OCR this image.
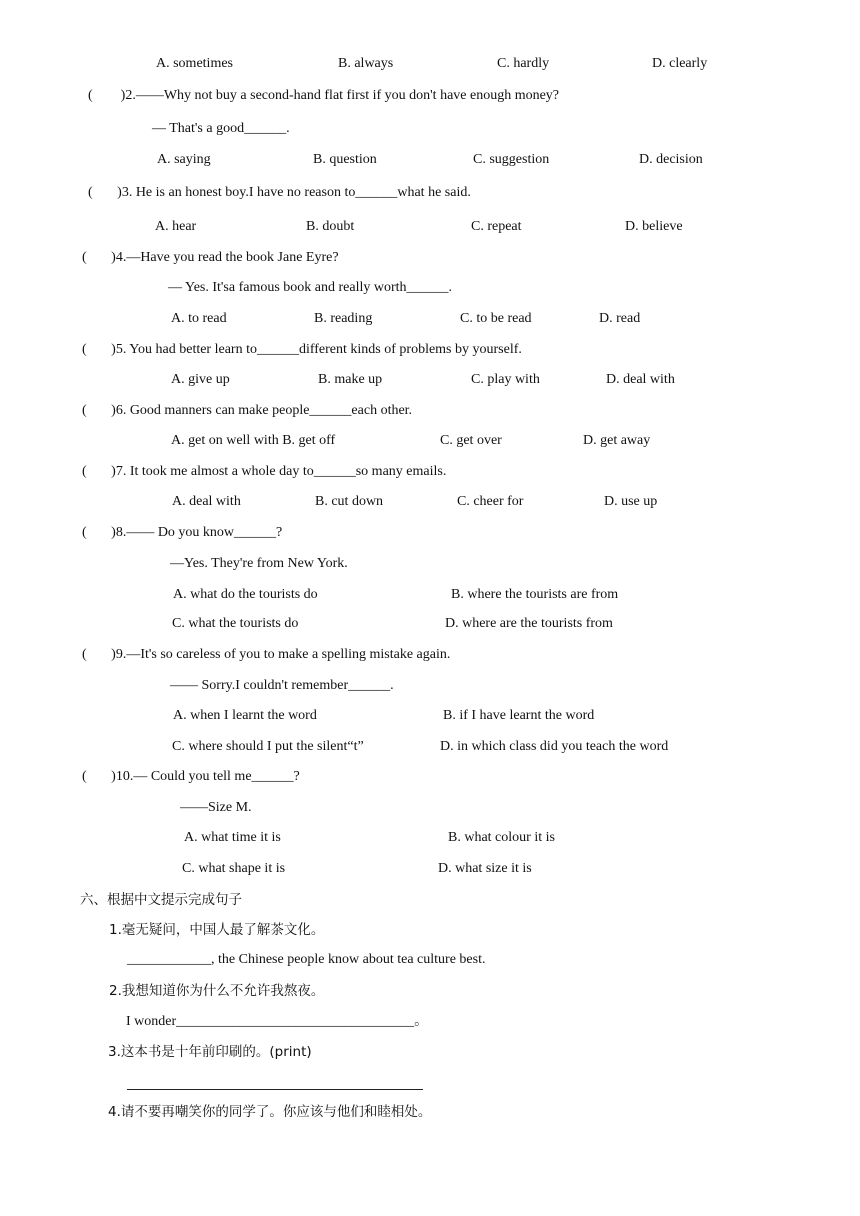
A. sometimes	B. always	C. hardly	D. clearly
(        )2.——Why not buy a second-hand flat first if you don't have enough money?
— That's a good______.
A. saying	B. question	C. suggestion	D. decision
(       )3. He is an honest boy.I have no reason to______what he said.
A. hear	B. doubt	C. repeat	D. believe
(       )4.—Have you read the book Jane Eyre?
— Yes. It'sa famous book and really worth______.
A. to read	B. reading	C. to be read	D. read
(       )5. You had better learn to______different kinds of problems by yourself.
A. give up	B. make up	C. play with	D. deal with
(       )6. Good manners can make people______each other.
A. get on well with B. get off	C. get over	D. get away
(       )7. It took me almost a whole day to______so many emails.
A. deal with	B. cut down	C. cheer for	D. use up
(       )8.—— Do you know______?
—Yes. They're from New York.
A. what do the tourists do	B. where the tourists are from
C. what the tourists do	D. where are the tourists from
(       )9.—It's so careless of you to make a spelling mistake again.
—— Sorry.I couldn't remember______.
A. when I learnt the word	B. if I have learnt the word
C. where should I put the silent“t”	D. in which class did you teach the word
(       )10.— Could you tell me______?
——Size M.
A. what time it is	B. what colour it is
C. what shape it is	D. what size it is
六、根据中文提示完成句子
1.毫无疑问，中国人最了解茶文化。
____________, the Chinese people know about tea culture best.
2.我想知道你为什么不允许我熬夜。
I wonder__________________________________。
3.这本书是十年前印刷的。(print)
4.请不要再嘲笑你的同学了。你应该与他们和睦相处。
